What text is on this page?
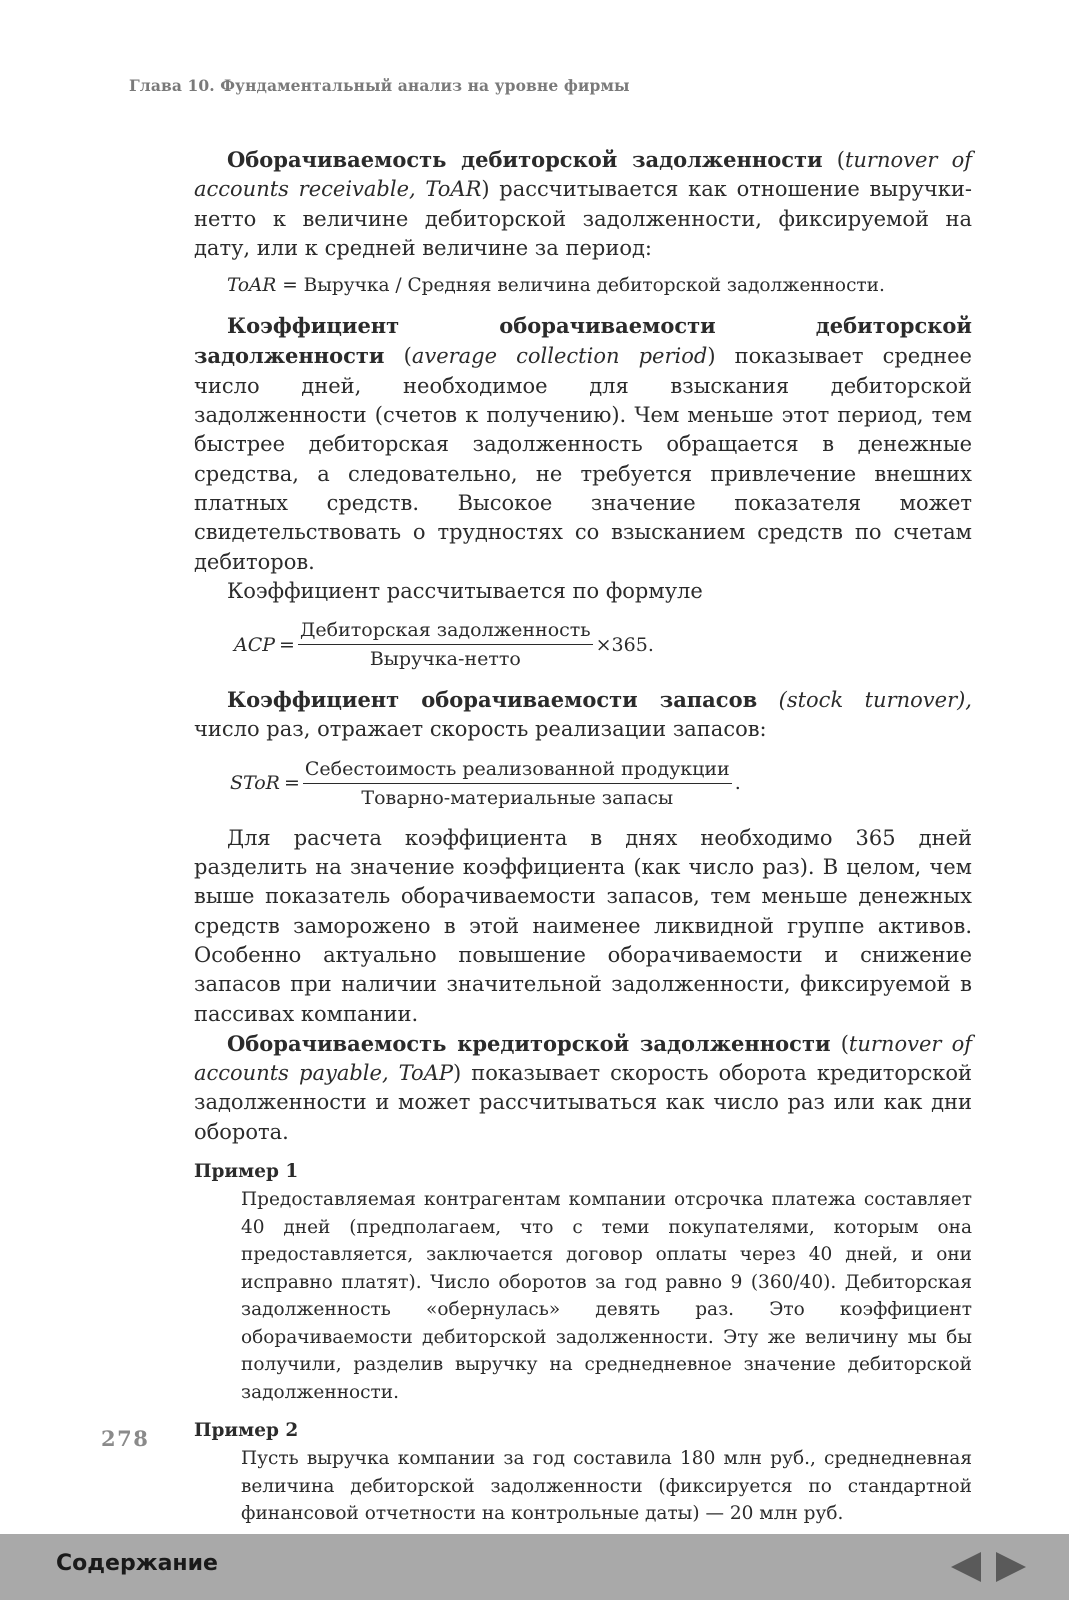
Глава 10. Фундаментальный анализ на уровне фирмы

Оборачиваемость дебиторской задолженности (turnover of accounts receivable, ToAR) рассчитывается как отношение выручки-нетто к величине дебиторской задолженности, фиксируемой на дату, или к средней величине за период:

ToAR = Выручка / Средняя величина дебиторской задолженности.

Коэффициент оборачиваемости дебиторской задолженности (average collection period) показывает среднее число дней, необходимое для взыскания дебиторской задолженности (счетов к получению). Чем меньше этот период, тем быстрее дебиторская задолженность обращается в денежные средства, а следовательно, не требуется привлечение внешних платных средств. Высокое значение показателя может свидетельствовать о трудностях со взысканием средств по счетам дебиторов.

Коэффициент рассчитывается по формуле

ACP = $\frac{\text{Дебиторская задолженность}}{\text{Выручка-нетто}} \times 365$.

Коэффициент оборачиваемости запасов (stock turnover), число раз, отражает скорость реализации запасов:

SToR = $\frac{\text{Себестоимость реализованной продукции}}{\text{Товарно-материальные запасы}}$ .

Для расчета коэффициента в днях необходимо 365 дней разделить на значение коэффициента (как число раз). В целом, чем выше показатель оборачиваемости запасов, тем меньше денежных средств заморожено в этой наименее ликвидной группе активов. Особенно актуально повышение оборачиваемости и снижение запасов при наличии значительной задолженности, фиксируемой в пассивах компании.

Оборачиваемость кредиторской задолженности (turnover of accounts payable, ToAP) показывает скорость оборота кредиторской задолженности и может рассчитываться как число раз или как дни оборота.

Пример 1

Предоставляемая контрагентам компании отсрочка платежа составляет 40 дней (предполагаем, что с теми покупателями, которым она предоставляется, заключается договор оплаты через 40 дней, и они исправно платят). Число оборотов за год равно 9 (360/40). Дебиторская задолженность «обернулась» девять раз. Это коэффициент оборачиваемости дебиторской задолженности. Эту же величину мы бы получили, разделив выручку на среднедневное значение дебиторской задолженности.

Пример 2

Пусть выручка компании за год составила 180 млн руб., среднедневная величина дебиторской задолженности (фиксируется по стандартной финансовой отчетности на контрольные даты) — 20 млн руб.

278
Содержание
